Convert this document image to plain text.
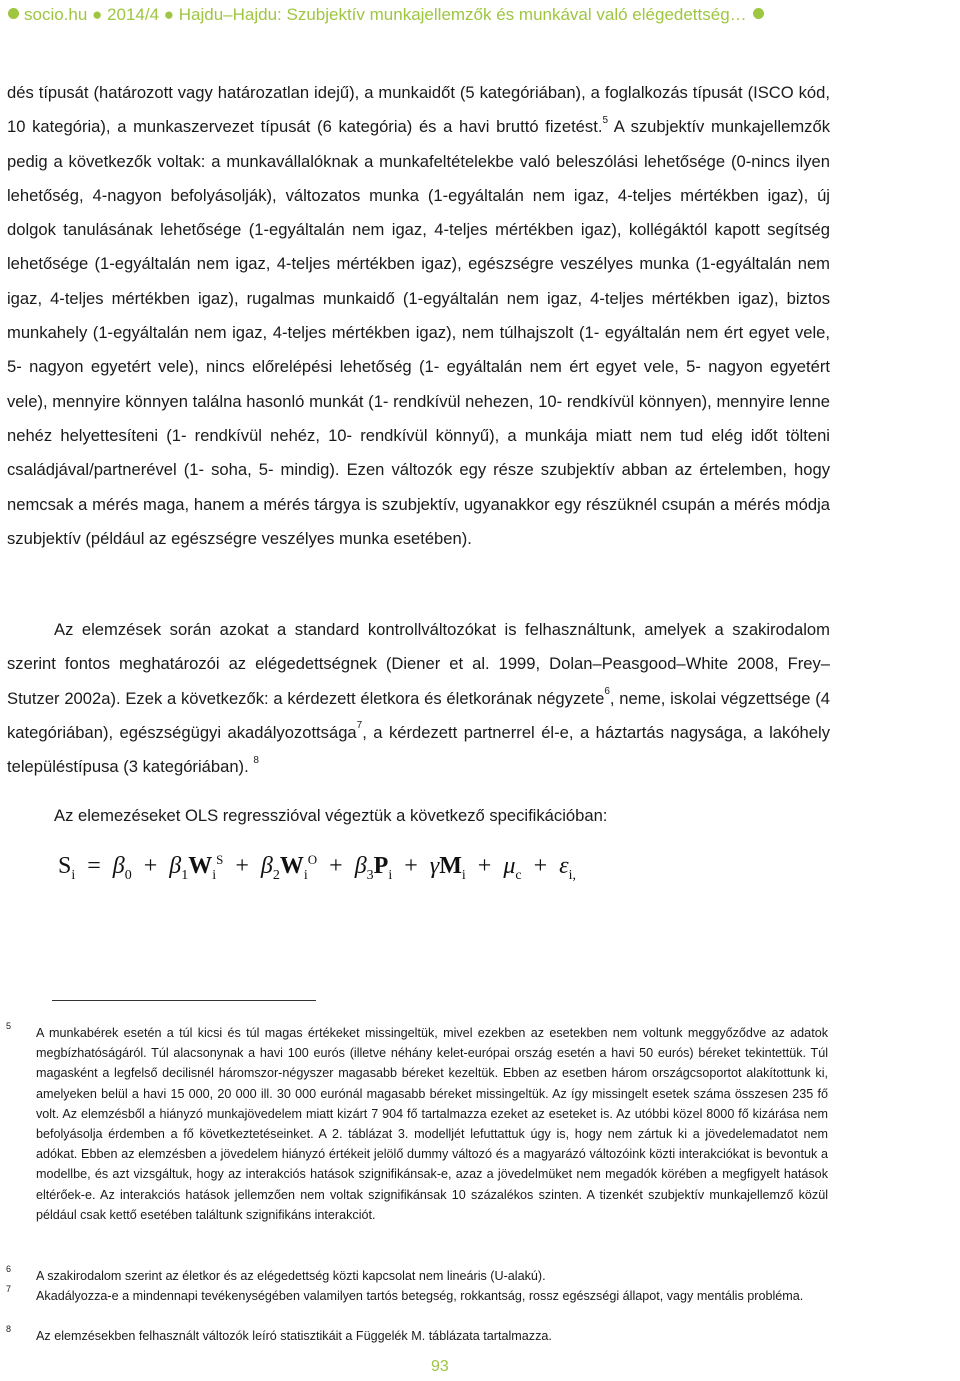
socio.hu ● 2014/4 ● Hajdu–Hajdu: Szubjektív munkajellemzők és munkával való elégedettség…

dés típusát (határozott vagy határozatlan idejű), a munkaidőt (5 kategóriában), a foglalkozás típusát (ISCO kód, 10 kategória), a munkaszervezet típusát (6 kategória) és a havi bruttó fizetést.$^5$ A szubjektív munkajellemzők pedig a következők voltak: a munkavállalóknak a munkafeltételekbe való beleszólási lehetősége (0-nincs ilyen lehetőség, 4-nagyon befolyásolják), változatos munka (1-egyáltalán nem igaz, 4-teljes mértékben igaz), új dolgok tanulásának lehetősége (1-egyáltalán nem igaz, 4-teljes mértékben igaz), kollégáktól kapott segítség lehetősége (1-egyáltalán nem igaz, 4-teljes mértékben igaz), egészségre veszélyes munka (1-egyáltalán nem igaz, 4-teljes mértékben igaz), rugalmas munkaidő (1-egyáltalán nem igaz, 4-teljes mértékben igaz), biztos munkahely (1-egyáltalán nem igaz, 4-teljes mértékben igaz), nem túlhajszolt (1- egyáltalán nem ért egyet vele, 5- nagyon egyetért vele), nincs előrelépési lehetőség (1- egyáltalán nem ért egyet vele, 5- nagyon egyetért vele), mennyire könnyen találna hasonló munkát (1- rendkívül nehezen, 10- rendkívül könnyen), mennyire lenne nehéz helyettesíteni (1- rendkívül nehéz, 10- rendkívül könnyű), a munkája miatt nem tud elég időt tölteni családjával/partnerével (1- soha, 5- mindig). Ezen változók egy része szubjektív abban az értelemben, hogy nemcsak a mérés maga, hanem a mérés tárgya is szubjektív, ugyanakkor egy részüknél csupán a mérés módja szubjektív (például az egészségre veszélyes munka esetében).

Az elemzések során azokat a standard kontrollváltozókat is felhasználtunk, amelyek a szakirodalom szerint fontos meghatározói az elégedettségnek (Diener et al. 1999, Dolan–Peasgood–White 2008, Frey–Stutzer 2002a). Ezek a következők: a kérdezett életkora és életkorának négyzete$^6$, neme, iskolai végzettsége (4 kategóriában), egészségügyi akadályozottsága$^7$, a kérdezett partnerrel él-e, a háztartás nagysága, a lakóhely településtípusa (3 kategóriában). $^8$

Az elemezéseket OLS regresszióval végeztük a következő specifikációban:

$S_i = \beta_0 + \beta_1W_i^S + \beta_2W_i^O + \beta_3P_i + \gamma M_i + \mu_c + \varepsilon_{i,}$
5 A munkabérek esetén a túl kicsi és túl magas értékeket missingeltük, mivel ezekben az esetekben nem voltunk meggyőződve az adatok megbízhatóságáról. Túl alacsonynak a havi 100 eurós (illetve néhány kelet-európai ország esetén a havi 50 eurós) béreket tekintettük. Túl magasként a legfelső decilisnél háromszor-négyszer magasabb béreket kezeltük. Ebben az esetben három országcsoportot alakítottunk ki, amelyeken belül a havi 15 000, 20 000 ill. 30 000 eurónál magasabb béreket missingeltük. Az így missingelt esetek száma összesen 235 fő volt. Az elemzésből a hiányzó munkajövedelem miatt kizárt 7 904 fő tartalmazza ezeket az eseteket is. Az utóbbi közel 8000 fő kizárása nem befolyásolja érdemben a fő következtetéseinket. A 2. táblázat 3. modelljét lefuttattuk úgy is, hogy nem zártuk ki a jövedelemadatot nem adókat. Ebben az elemzésben a jövedelem hiányzó értékeit jelölő dummy változó és a magyarázó változóink közti interakciókat is bevontuk a modellbe, és azt vizsgáltuk, hogy az interakciós hatások szignifikánsak-e, azaz a jövedelmüket nem megadók körében a megfigyelt hatások eltérőek-e. Az interakciós hatások jellemzően nem voltak szignifikánsak 10 százalékos szinten. A tizenkét szubjektív munkajellemző közül például csak kettő esetében találtunk szignifikáns interakciót.
6 A szakirodalom szerint az életkor és az elégedettség közti kapcsolat nem lineáris (U-alakú).
7 Akadályozza-e a mindennapi tevékenységében valamilyen tartós betegség, rokkantság, rossz egészségi állapot, vagy mentális probléma.
8 Az elemzésekben felhasznált változók leíró statisztikáit a Függelék M. táblázata tartalmazza.
93
